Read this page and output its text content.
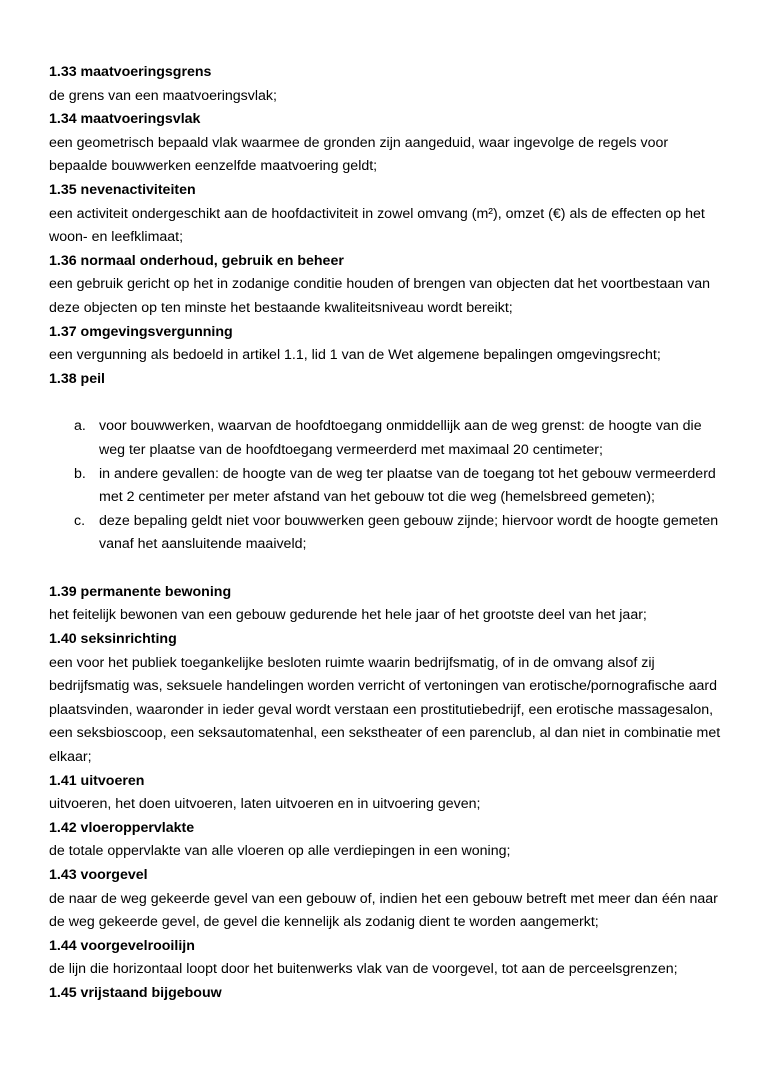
1.33 maatvoeringsgrens
de grens van een maatvoeringsvlak;
1.34 maatvoeringsvlak
een geometrisch bepaald vlak waarmee de gronden zijn aangeduid, waar ingevolge de regels voor bepaalde bouwwerken eenzelfde maatvoering geldt;
1.35 nevenactiviteiten
een activiteit ondergeschikt aan de hoofdactiviteit in zowel omvang (m²), omzet (€) als de effecten op het woon- en leefklimaat;
1.36 normaal onderhoud, gebruik en beheer
een gebruik gericht op het in zodanige conditie houden of brengen van objecten dat het voortbestaan van deze objecten op ten minste het bestaande kwaliteitsniveau wordt bereikt;
1.37 omgevingsvergunning
een vergunning als bedoeld in artikel 1.1, lid 1 van de Wet algemene bepalingen omgevingsrecht;
1.38 peil
a. voor bouwwerken, waarvan de hoofdtoegang onmiddellijk aan de weg grenst: de hoogte van die weg ter plaatse van de hoofdtoegang vermeerderd met maximaal 20 centimeter;
b. in andere gevallen: de hoogte van de weg ter plaatse van de toegang tot het gebouw vermeerderd met 2 centimeter per meter afstand van het gebouw tot die weg (hemelsbreed gemeten);
c. deze bepaling geldt niet voor bouwwerken geen gebouw zijnde; hiervoor wordt de hoogte gemeten vanaf het aansluitende maaiveld;
1.39 permanente bewoning
het feitelijk bewonen van een gebouw gedurende het hele jaar of het grootste deel van het jaar;
1.40 seksinrichting
een voor het publiek toegankelijke besloten ruimte waarin bedrijfsmatig, of in de omvang alsof zij bedrijfsmatig was, seksuele handelingen worden verricht of vertoningen van erotische/pornografische aard plaatsvinden, waaronder in ieder geval wordt verstaan een prostitutiebedrijf, een erotische massagesalon, een seksbioscoop, een seksautomatenhal, een sekstheater of een parenclub, al dan niet in combinatie met elkaar;
1.41 uitvoeren
uitvoeren, het doen uitvoeren, laten uitvoeren en in uitvoering geven;
1.42 vloeroppervlakte
de totale oppervlakte van alle vloeren op alle verdiepingen in een woning;
1.43 voorgevel
de naar de weg gekeerde gevel van een gebouw of, indien het een gebouw betreft met meer dan één naar de weg gekeerde gevel, de gevel die kennelijk als zodanig dient te worden aangemerkt;
1.44 voorgevelrooilijn
de lijn die horizontaal loopt door het buitenwerks vlak van de voorgevel, tot aan de perceelsgrenzen;
1.45 vrijstaand bijgebouw
